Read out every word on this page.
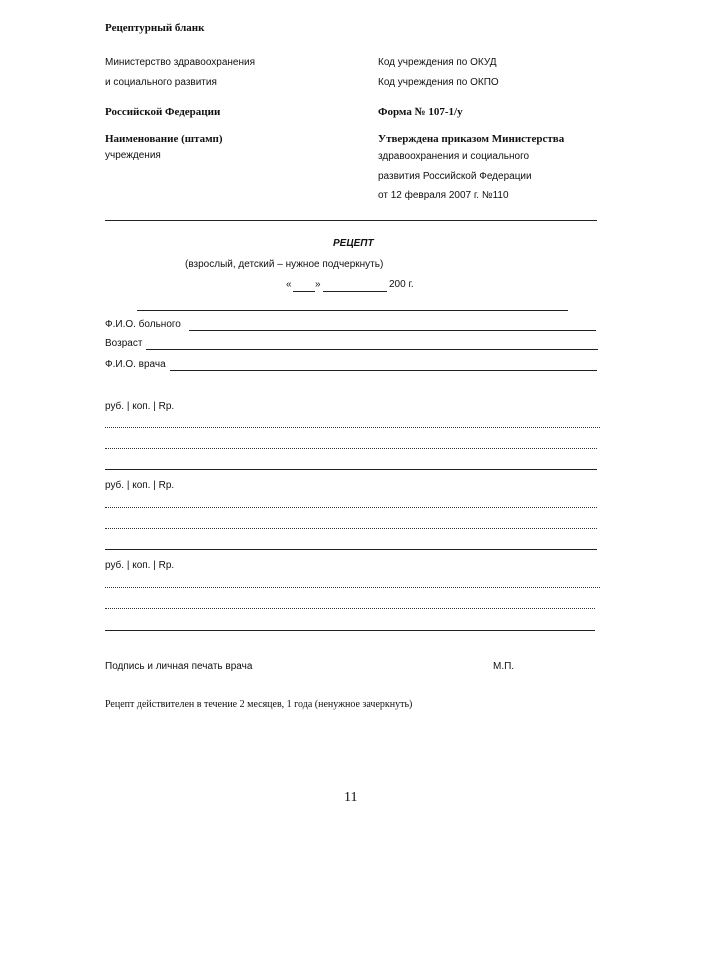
Рецептурный бланк
Министерство здравоохранения
и социального развития
Российской Федерации
Код учреждения по ОКУД
Код учреждения по ОКПО
Форма № 107-1/у
Наименование (штамп)
учреждения
Утверждена приказом Министерства
здравоохранения и социального
развития Российской Федерации
от 12 февраля 2007 г. №110
РЕЦЕПТ
(взрослый, детский – нужное подчеркнуть)
« »	200 г.
Ф.И.О. больного
Возраст
Ф.И.О. врача
руб. | коп. | Rp.
руб. | коп. | Rp.
руб. | коп. | Rp.
Подпись и личная печать врача	М.П.
Рецепт действителен в течение 2 месяцев, 1 года (ненужное зачеркнуть)
11
